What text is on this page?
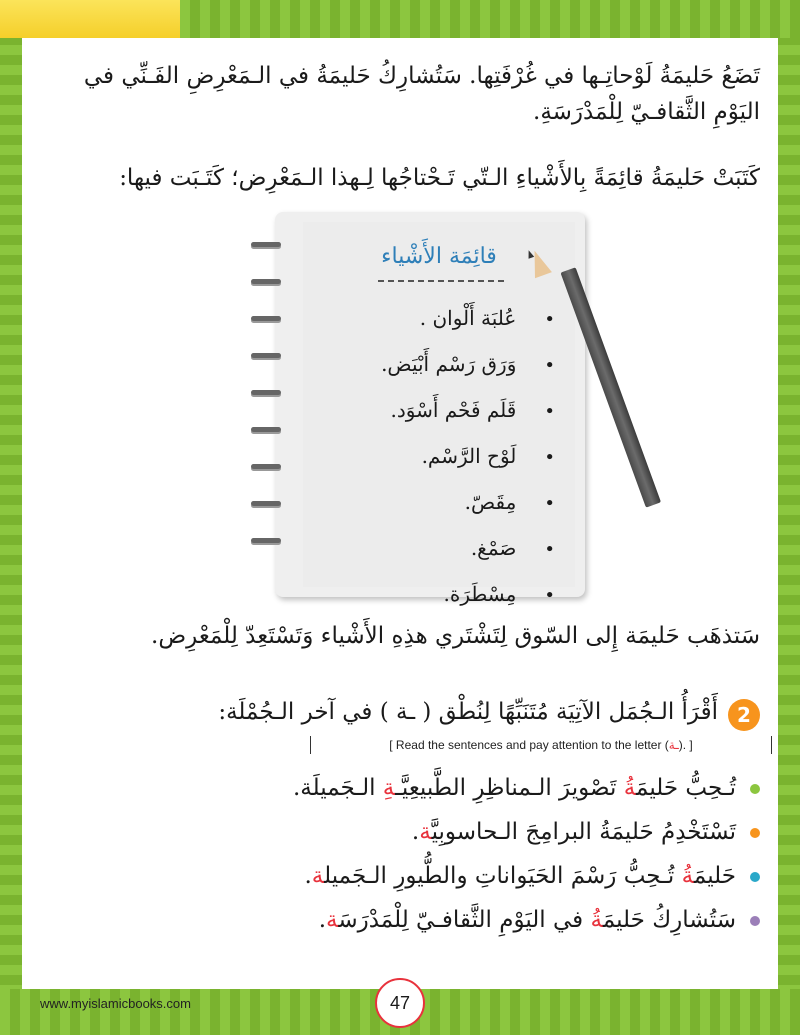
تَضَعُ حَليمَةُ لَوْحاتِـها في غُرْفَتِها. سَتُشارِكُ حَليمَةُ في الـمَعْرِضِ الفَـنِّي في اليَوْمِ الثَّقافـيّ لِلْمَدْرَسَةِ.
كَتَبَتْ حَليمَةُ قائِمَةً بِالأَشْياءِ الـتّي تَـحْتاجُها لِـهذا الـمَعْرِض؛ كَتَـبَت فيها:
قائِمَة الأَشْياء
• عُلبَة أَلْوان .
• وَرَق رَسْم أَبْيَض.
• قَلَم فَحْم أَسْوَد.
• لَوْح الرَّسْم.
• مِقَصّ.
• صَمْغ.
• مِسْطَرَة.
سَتذهَب حَليمَة إِلى السّوق لِتَشْتَري هذِهِ الأَشْياء وَتَسْتَعِدّ لِلْمَعْرِض.
2
أَقْرَأُ الـجُمَل الآتِيَة مُتَنَبِّهًا لِنُطْق ( ـة ) في آخر الـجُمْلَة:
[ Read the sentences and pay attention to the letter (ـة). ]
تُـحِبُّ حَليمَةُ تَصْويرَ الـمناظِرِ الطَّبيعِيَّـةِ الـجَميلَة.
تَسْتَخْدِمُ حَليمَةُ البرامِجَ الـحاسوبِيَّة.
حَليمَةُ تُـحِبُّ رَسْمَ الحَيَواناتِ والطُّيورِ الـجَميلة.
سَتُشارِكُ حَليمَةُ في اليَوْمِ الثَّقافـيّ لِلْمَدْرَسَة.
www.myislamicbooks.com	47
